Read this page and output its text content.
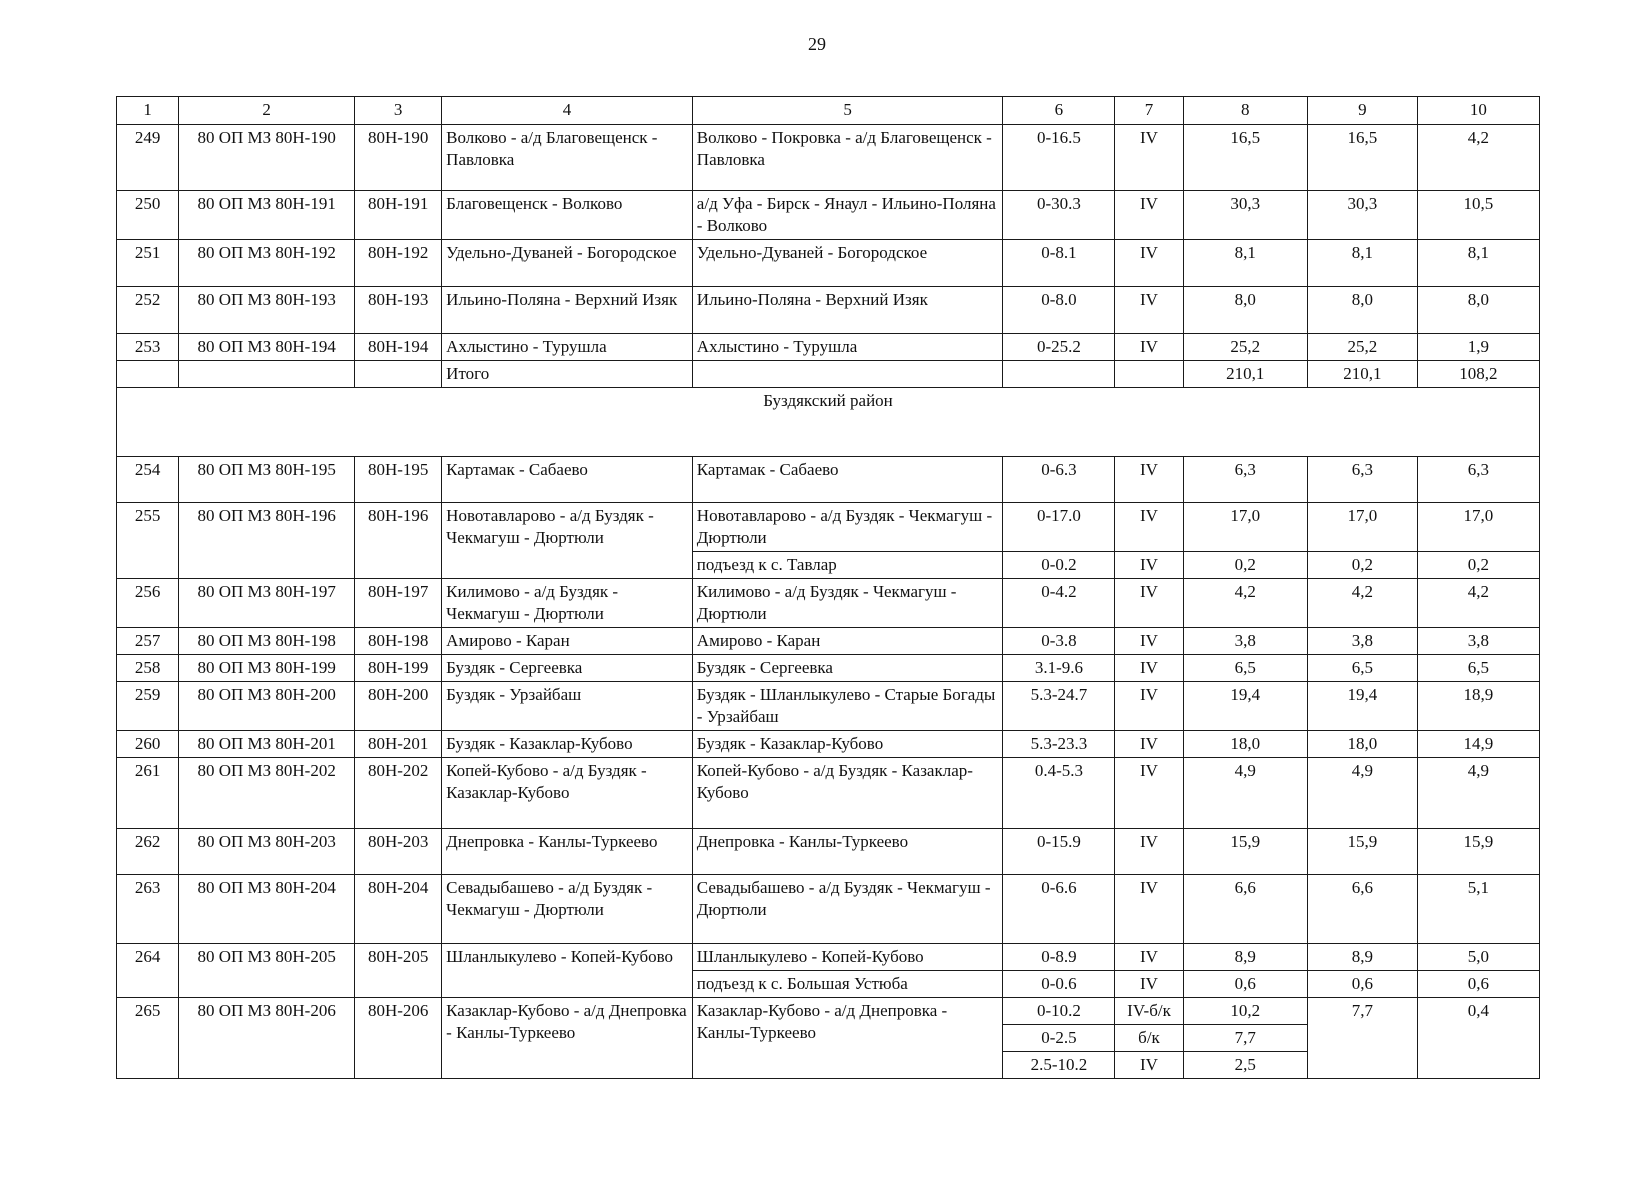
29
1	2	3	4	5	6	7	8	9	10
249	80 ОП МЗ 80Н-190	80Н-190	Волково - а/д Благовещенск - Павловка	Волково - Покровка - а/д Благовещенск - Павловка	0-16.5	IV	16,5	16,5	4,2
250	80 ОП МЗ 80Н-191	80Н-191	Благовещенск - Волково	а/д Уфа - Бирск - Янаул - Ильино-Поляна - Волково	0-30.3	IV	30,3	30,3	10,5
251	80 ОП МЗ 80Н-192	80Н-192	Удельно-Дуваней - Богородское	Удельно-Дуваней - Богородское	0-8.1	IV	8,1	8,1	8,1
252	80 ОП МЗ 80Н-193	80Н-193	Ильино-Поляна - Верхний Изяк	Ильино-Поляна - Верхний Изяк	0-8.0	IV	8,0	8,0	8,0
253	80 ОП МЗ 80Н-194	80Н-194	Ахлыстино - Турушла	Ахлыстино - Турушла	0-25.2	IV	25,2	25,2	1,9
			Итого				210,1	210,1	108,2
Буздякский район									
254	80 ОП МЗ 80Н-195	80Н-195	Картамак - Сабаево	Картамак - Сабаево	0-6.3	IV	6,3	6,3	6,3
255	80 ОП МЗ 80Н-196	80Н-196	Новотавларово - а/д Буздяк - Чекмагуш - Дюртюли	Новотавларово - а/д Буздяк - Чекмагуш - Дюртюли	0-17.0	IV	17,0	17,0	17,0
				подъезд к с. Тавлар	0-0.2	IV	0,2	0,2	0,2
256	80 ОП МЗ 80Н-197	80Н-197	Килимово - а/д Буздяк - Чекмагуш - Дюртюли	Килимово - а/д Буздяк - Чекмагуш - Дюртюли	0-4.2	IV	4,2	4,2	4,2
257	80 ОП МЗ 80Н-198	80Н-198	Амирово - Каран	Амирово - Каран	0-3.8	IV	3,8	3,8	3,8
258	80 ОП МЗ 80Н-199	80Н-199	Буздяк - Сергеевка	Буздяк - Сергеевка	3.1-9.6	IV	6,5	6,5	6,5
259	80 ОП МЗ 80Н-200	80Н-200	Буздяк - Урзайбаш	Буздяк - Шланлыкулево - Старые Богады - Урзайбаш	5.3-24.7	IV	19,4	19,4	18,9
260	80 ОП МЗ 80Н-201	80Н-201	Буздяк - Казаклар-Кубово	Буздяк - Казаклар-Кубово	5.3-23.3	IV	18,0	18,0	14,9
261	80 ОП МЗ 80Н-202	80Н-202	Копей-Кубово - а/д Буздяк - Казаклар-Кубово	Копей-Кубово - а/д Буздяк - Казаклар-Кубово	0.4-5.3	IV	4,9	4,9	4,9
262	80 ОП МЗ 80Н-203	80Н-203	Днепровка - Канлы-Туркеево	Днепровка - Канлы-Туркеево	0-15.9	IV	15,9	15,9	15,9
263	80 ОП МЗ 80Н-204	80Н-204	Севадыбашево - а/д Буздяк - Чекмагуш - Дюртюли	Севадыбашево - а/д Буздяк - Чекмагуш - Дюртюли	0-6.6	IV	6,6	6,6	5,1
264	80 ОП МЗ 80Н-205	80Н-205	Шланлыкулево - Копей-Кубово	Шланлыкулево - Копей-Кубово	0-8.9	IV	8,9	8,9	5,0
				подъезд к с. Большая Устюба	0-0.6	IV	0,6	0,6	0,6
265	80 ОП МЗ 80Н-206	80Н-206	Казаклар-Кубово - а/д Днепровка - Канлы-Туркеево	Казаклар-Кубово - а/д Днепровка - Канлы-Туркеево	0-10.2	IV-б/к	10,2	7,7	0,4
					0-2.5	б/к	7,7		
					2.5-10.2	IV	2,5		
